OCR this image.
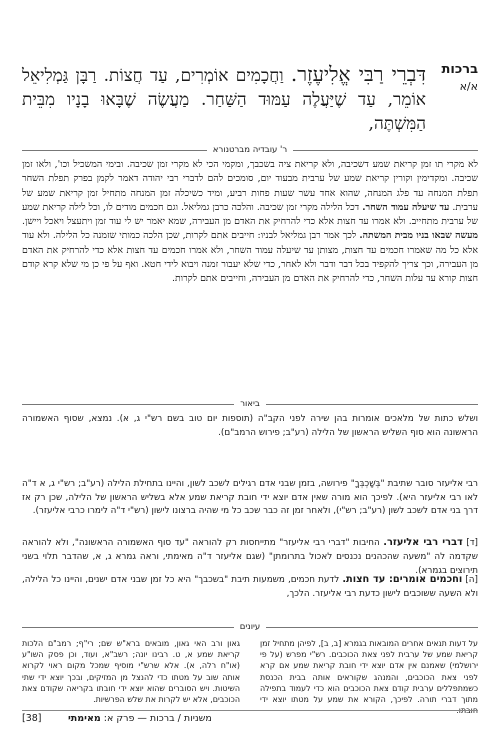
ברכות
א/א
דִּבְרֵי רַבִּי אֱלִיעֶזֶר. וַחֲכָמִים אוֹמְרִים, עַד חֲצוֹת. רַבָּן גַּמְלִיאֵל אוֹמֵר, עַד שֶׁיַּעֲלֶה עַמּוּד הַשַּׁחַר. מַעֲשֶׂה שֶׁבָּאוּ בָנָיו מִבֵּית הַמִּשְׁתֶּה,
ר' עובדיה מברטנורא
לא מקרי תו זמן קריאת שמע דשכיבה, ולא קריאת ציה בשכבך, ומקמי הכי לא מקרי זמן שכיבה. ובימי המשכיל וכו', ולאו זמן שכיבה. ומקדימין וקורין קריאת שמע של ערבית מבעוד יום, סומכים להם לדברי רבי יהודה דאמר לקמן בפרק תפלת השחר תפלת המנחה עד פלג המנחה, שהוא אחד עשר שעות פחות רביע, ומיד כשיכלה זמן המנחה מתחיל זמן קריאת שמע של ערבית. עד שיעלה עמוד השחר. דכל הלילה מקרי זמן שכיבה. והלכה כרבן גמליאל. וגם חכמים מודים לו, וכל לילה קריאת שמע של ערבית מתחייב. ולא אמרו עד חצות אלא כדי להרחיק את האדם מן העבירה, שמא יאמר יש לי עוד זמן ויתעצל ויאכל ויישן. מעשה שבאו בניו מבית המשתה. לכך אמר רבן גמליאל לבניו: חייבים אתם לקרות, שכן הלכה כמותי שזמנה כל הלילה. ולא עוד אלא כל מה שאמרו חכמים עד חצות, מצותן עד שיעלה עמוד השחר, ולא אמרו חכמים עד חצות אלא כדי להרחיק את האדם מן העבירה, וכך צריך להקפיד בכל דבר ודבר ולא לאחר, כדי שלא יעבור זמנה ויבוא לידי חטא. ואף על פי כן מי שלא קרא קודם חצות קורא עד עלות השחר, כדי להרחיק את האדם מן העבירה, וחייבים אתם לקרות.
ביאור
ושלש כתות של מלאכים אומרות בהן שירה לפני הקב"ה (תוספות יום טוב בשם רש"י ג, א). נמצא, שסוף האשמורה הראשונה הוא סוף השליש הראשון של הלילה (רע"ב; פירוש הרמב"ם).
רבי אליעזר סובר שתיבת "בְּשָׁכְבְּךָ" פירושה, בזמן שבני אדם רגילים לשכב לשון, והיינו בתחילת הלילה (רע"ב; רש"י ג, א ד"ה לאו רבי אליעזר היא). לפיכך הוא מורה שאין אדם יוצא ידי חובת קריאת שמע אלא בשליש הראשון של הלילה, שכן רק אז דרך בני אדם לשכב לשון (רע"ב; רש"י), ולאחר זמן זה כבר שכב כל מי שהיה ברצונו לישון (רש"י ד"ה לימרו כרבי אליעזר).
[ד] דברי רבי אליעזר. החיבות "דברי רבי אליעזר" מתייחסות רק להוראה "עד סוף האשמורה הראשונה", ולא להוראה שקדמה לה "משעה שהכהנים נכנסים לאכול בתרומתן" (שגם אליעזר ד"ה מאימתי, וראה גמרא ג, א, שהדבר תלוי בשני תירוצים בגמרא).
[ה] וחכמים אומרים: עד חצות. לדעת חכמים, משמעות תיבת "בשכבך" היא כל זמן שבני אדם ישנים, והיינו כל הלילה, ולא השעה ששוכבים לישון כדעת רבי אליעזר. הלכך,
עיונים
על דעות תנאים אחרים המובאות בגמרא [ב, ב], לפיהן מתחיל זמן קריאת שמע של ערבית לפני צאת הכוכבים. רש"י מפרש (על פי ירושלמי) שאמנם אין אדם יוצא ידי חובת קריאת שמע אם קרא לפני צאת הכוכבים, והמנהג שקוראים אותה בבית הכנסת כשמתפללים ערבית קודם צאת הכוכבים הוא כדי לעמוד בתפילה מתוך דברי תורה. לפיכך, הקורא את שמע על מטתו יוצא ידי חובתו.
גאון ורב האי גאון, מובאים ברא"ש שם; רי"ף; רמב"ם הלכות קריאת שמע א, ט. רבינו יונה; רשב"א, ועוד, וכן פסק השו"ע (או"ח רלה, א). אלא שרש"י מוסיף שמכל מקום ראוי לקרוא אותה שוב על מטתו כדי להנצל מן המזיקים, ובכך יוצא ידי שתי השיטות. ויש הסוברים שהוא יוצא ידי חובתו בקריאה שקודם צאת הכוכבים, אלא יש לקרות את שלש הפרשיות.
משניות / ברכות — פרק א: מאימתי
[38]
